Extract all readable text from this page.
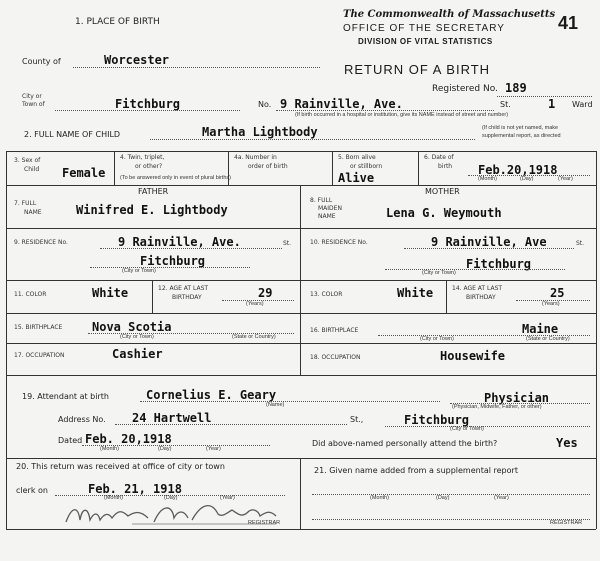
1. PLACE OF BIRTH
The Commonwealth of Massachusetts
OFFICE OF THE SECRETARY
DIVISION OF VITAL STATISTICS
RETURN OF A BIRTH
41
Registered No. 189
County of	Worcester
City or
Town of	Fitchburg	No. 9 Rainville, Ave.	St.	1 Ward
(If birth occurred in a hospital or institution, give its NAME instead of street and number)
2. FULL NAME OF CHILD	Martha Lightbody	(If child is not yet named, make
supplemental report, as directed
3. Sex of
Child Female
4. Twin, triplet,
or other?
(To be answered only in event of plural births)
4a. Number in
order of birth
5. Born alive
or stillborn
Alive
6. Date of
birth Feb.20,1918
(Month)	(Day)	(Year)
FATHER
7. FULL
NAME	Winifred E. Lightbody
9. RESIDENCE No.	9 Rainville, Ave.	St.
Fitchburg
(City or Town)
11. COLOR	White	12. AGE AT LAST
BIRTHDAY	29
(Years)
15. BIRTHPLACE Nova Scotia
(City or Town)	(State or Country)
17. OCCUPATION	Cashier
MOTHER
8. FULL
MAIDEN
NAME	Lena G. Weymouth
10. RESIDENCE No.	9 Rainville, Ave	St.
Fitchburg
(City or Town)
13. COLOR	White	14. AGE AT LAST
BIRTHDAY	25
(Years)
16. BIRTHPLACE	Maine
(City or Town)	(State or Country)
18. OCCUPATION	Housewife
19. Attendant at birth	Cornelius E. Geary
(Name)	Physician
(Physician, Midwife, Father, or other)
Address No. 24 Hartwell	St.,	Fitchburg
(City or Town)
Dated Feb. 20,1918
(Month)	(Day)	(Year)
Did above-named personally attend the birth?	Yes
20. This return was received at office of city or town
clerk on	Feb. 21, 1918
(Month)	(Day)	(Year)
REGISTRAR
21. Given name added from a supplemental report
(Month)	(Day)	(Year)
REGISTRAR
